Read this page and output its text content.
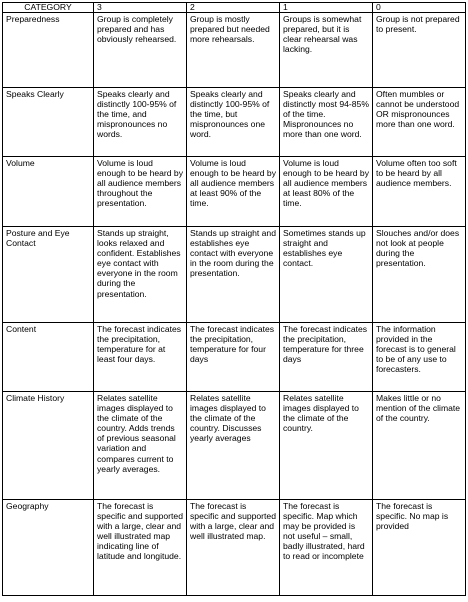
CATEGORY	3	2	1	0
Preparedness	Group is completely prepared and has obviously rehearsed.	Group is mostly prepared but needed more rehearsals.	Groups is somewhat prepared, but it is clear rehearsal was lacking.	Group is not prepared to present.
Speaks Clearly	Speaks clearly and distinctly 100-95% of the time, and mispronounces no words.	Speaks clearly and distinctly 100-95% of the time, but mispronounces one word.	Speaks clearly and distinctly most 94-85% of the time. Mispronounces no more than one word.	Often mumbles or cannot be understood OR mispronounces more than one word.
Volume	Volume is loud enough to be heard by all audience members throughout the presentation.	Volume is loud enough to be heard by all audience members at least 90% of the time.	Volume is loud enough to be heard by all audience members at least 80% of the time.	Volume often too soft to be heard by all audience members.
Posture and Eye Contact	Stands up straight, looks relaxed and confident. Establishes eye contact with everyone in the room during the presentation.	Stands up straight and establishes eye contact with everyone in the room during the presentation.	Sometimes stands up straight and establishes eye contact.	Slouches and/or does not look at people during the presentation.
Content	The forecast indicates the precipitation, temperature for at least four days.	The forecast indicates the precipitation, temperature for four days	The forecast indicates the precipitation, temperature for three days	The information provided in the forecast is to general to be of any use to forecasters.
Climate History	Relates satellite images displayed to the climate of the country. Adds trends of previous seasonal variation and compares current to yearly averages.	Relates satellite images displayed to the climate of the country. Discusses yearly averages	Relates satellite images displayed to the climate of the country.	Makes little or no mention of the climate of the country.
Geography	The forecast is specific and supported with a large, clear and well illustrated map indicating line of latitude and longitude.	The forecast is specific and supported with a large, clear and well illustrated map.	The forecast is specific. Map which may be provided is not useful – small, badly illustrated, hard to read or incomplete	The forecast is specific. No map is provided
